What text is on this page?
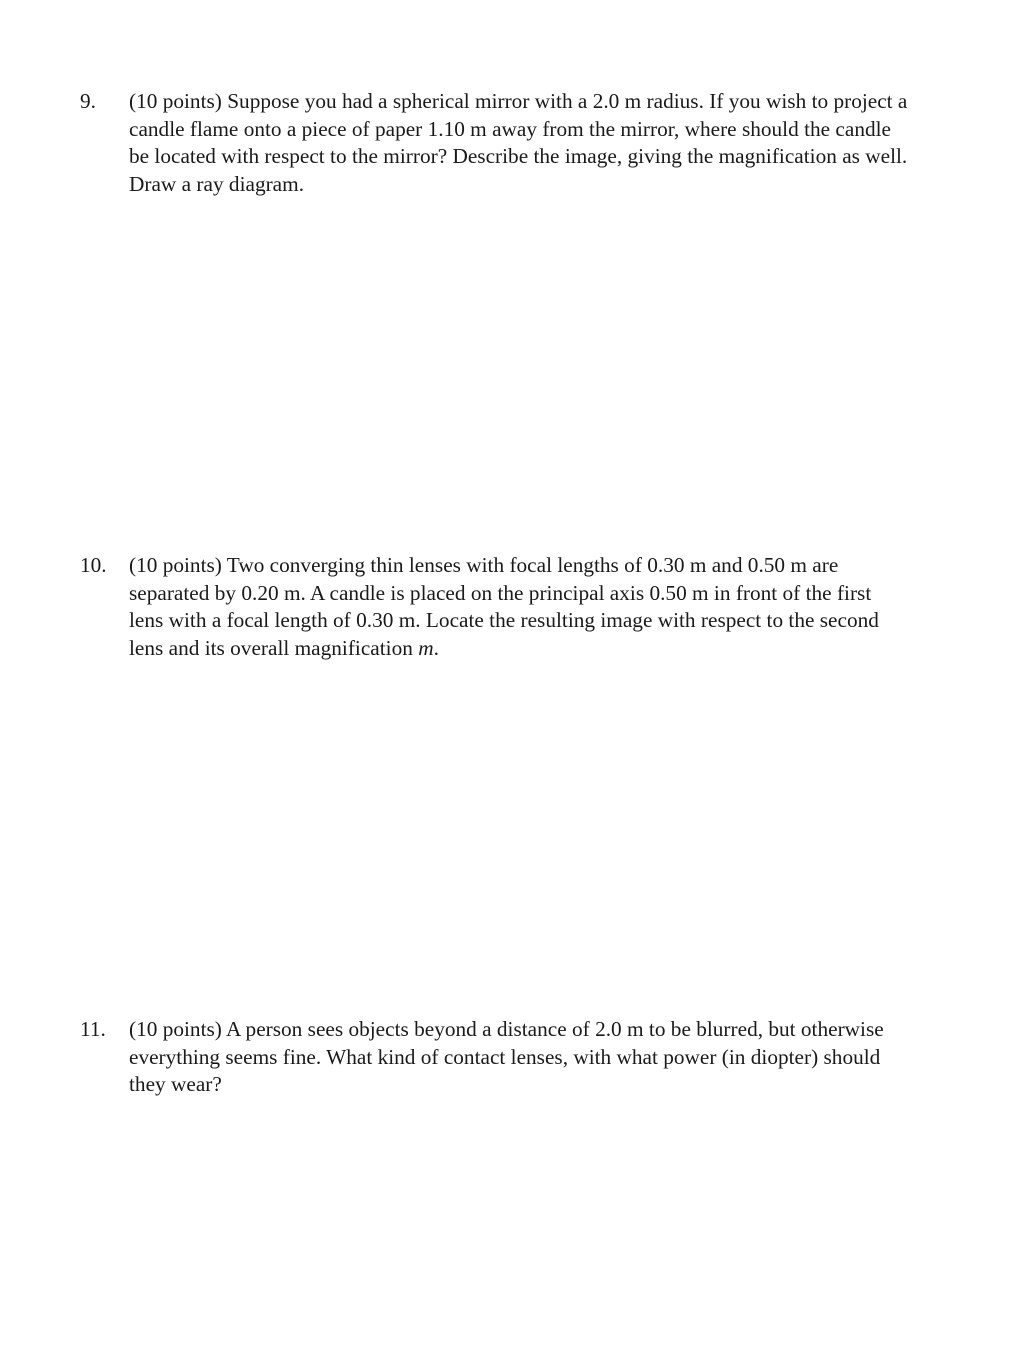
9. (10 points) Suppose you had a spherical mirror with a 2.0 m radius. If you wish to project a
candle flame onto a piece of paper 1.10 m away from the mirror, where should the candle
be located with respect to the mirror? Describe the image, giving the magnification as well.
Draw a ray diagram.
10. (10 points) Two converging thin lenses with focal lengths of 0.30 m and 0.50 m are
separated by 0.20 m. A candle is placed on the principal axis 0.50 m in front of the first
lens with a focal length of 0.30 m. Locate the resulting image with respect to the second
lens and its overall magnification m.
11. (10 points) A person sees objects beyond a distance of 2.0 m to be blurred, but otherwise
everything seems fine. What kind of contact lenses, with what power (in diopter) should
they wear?
